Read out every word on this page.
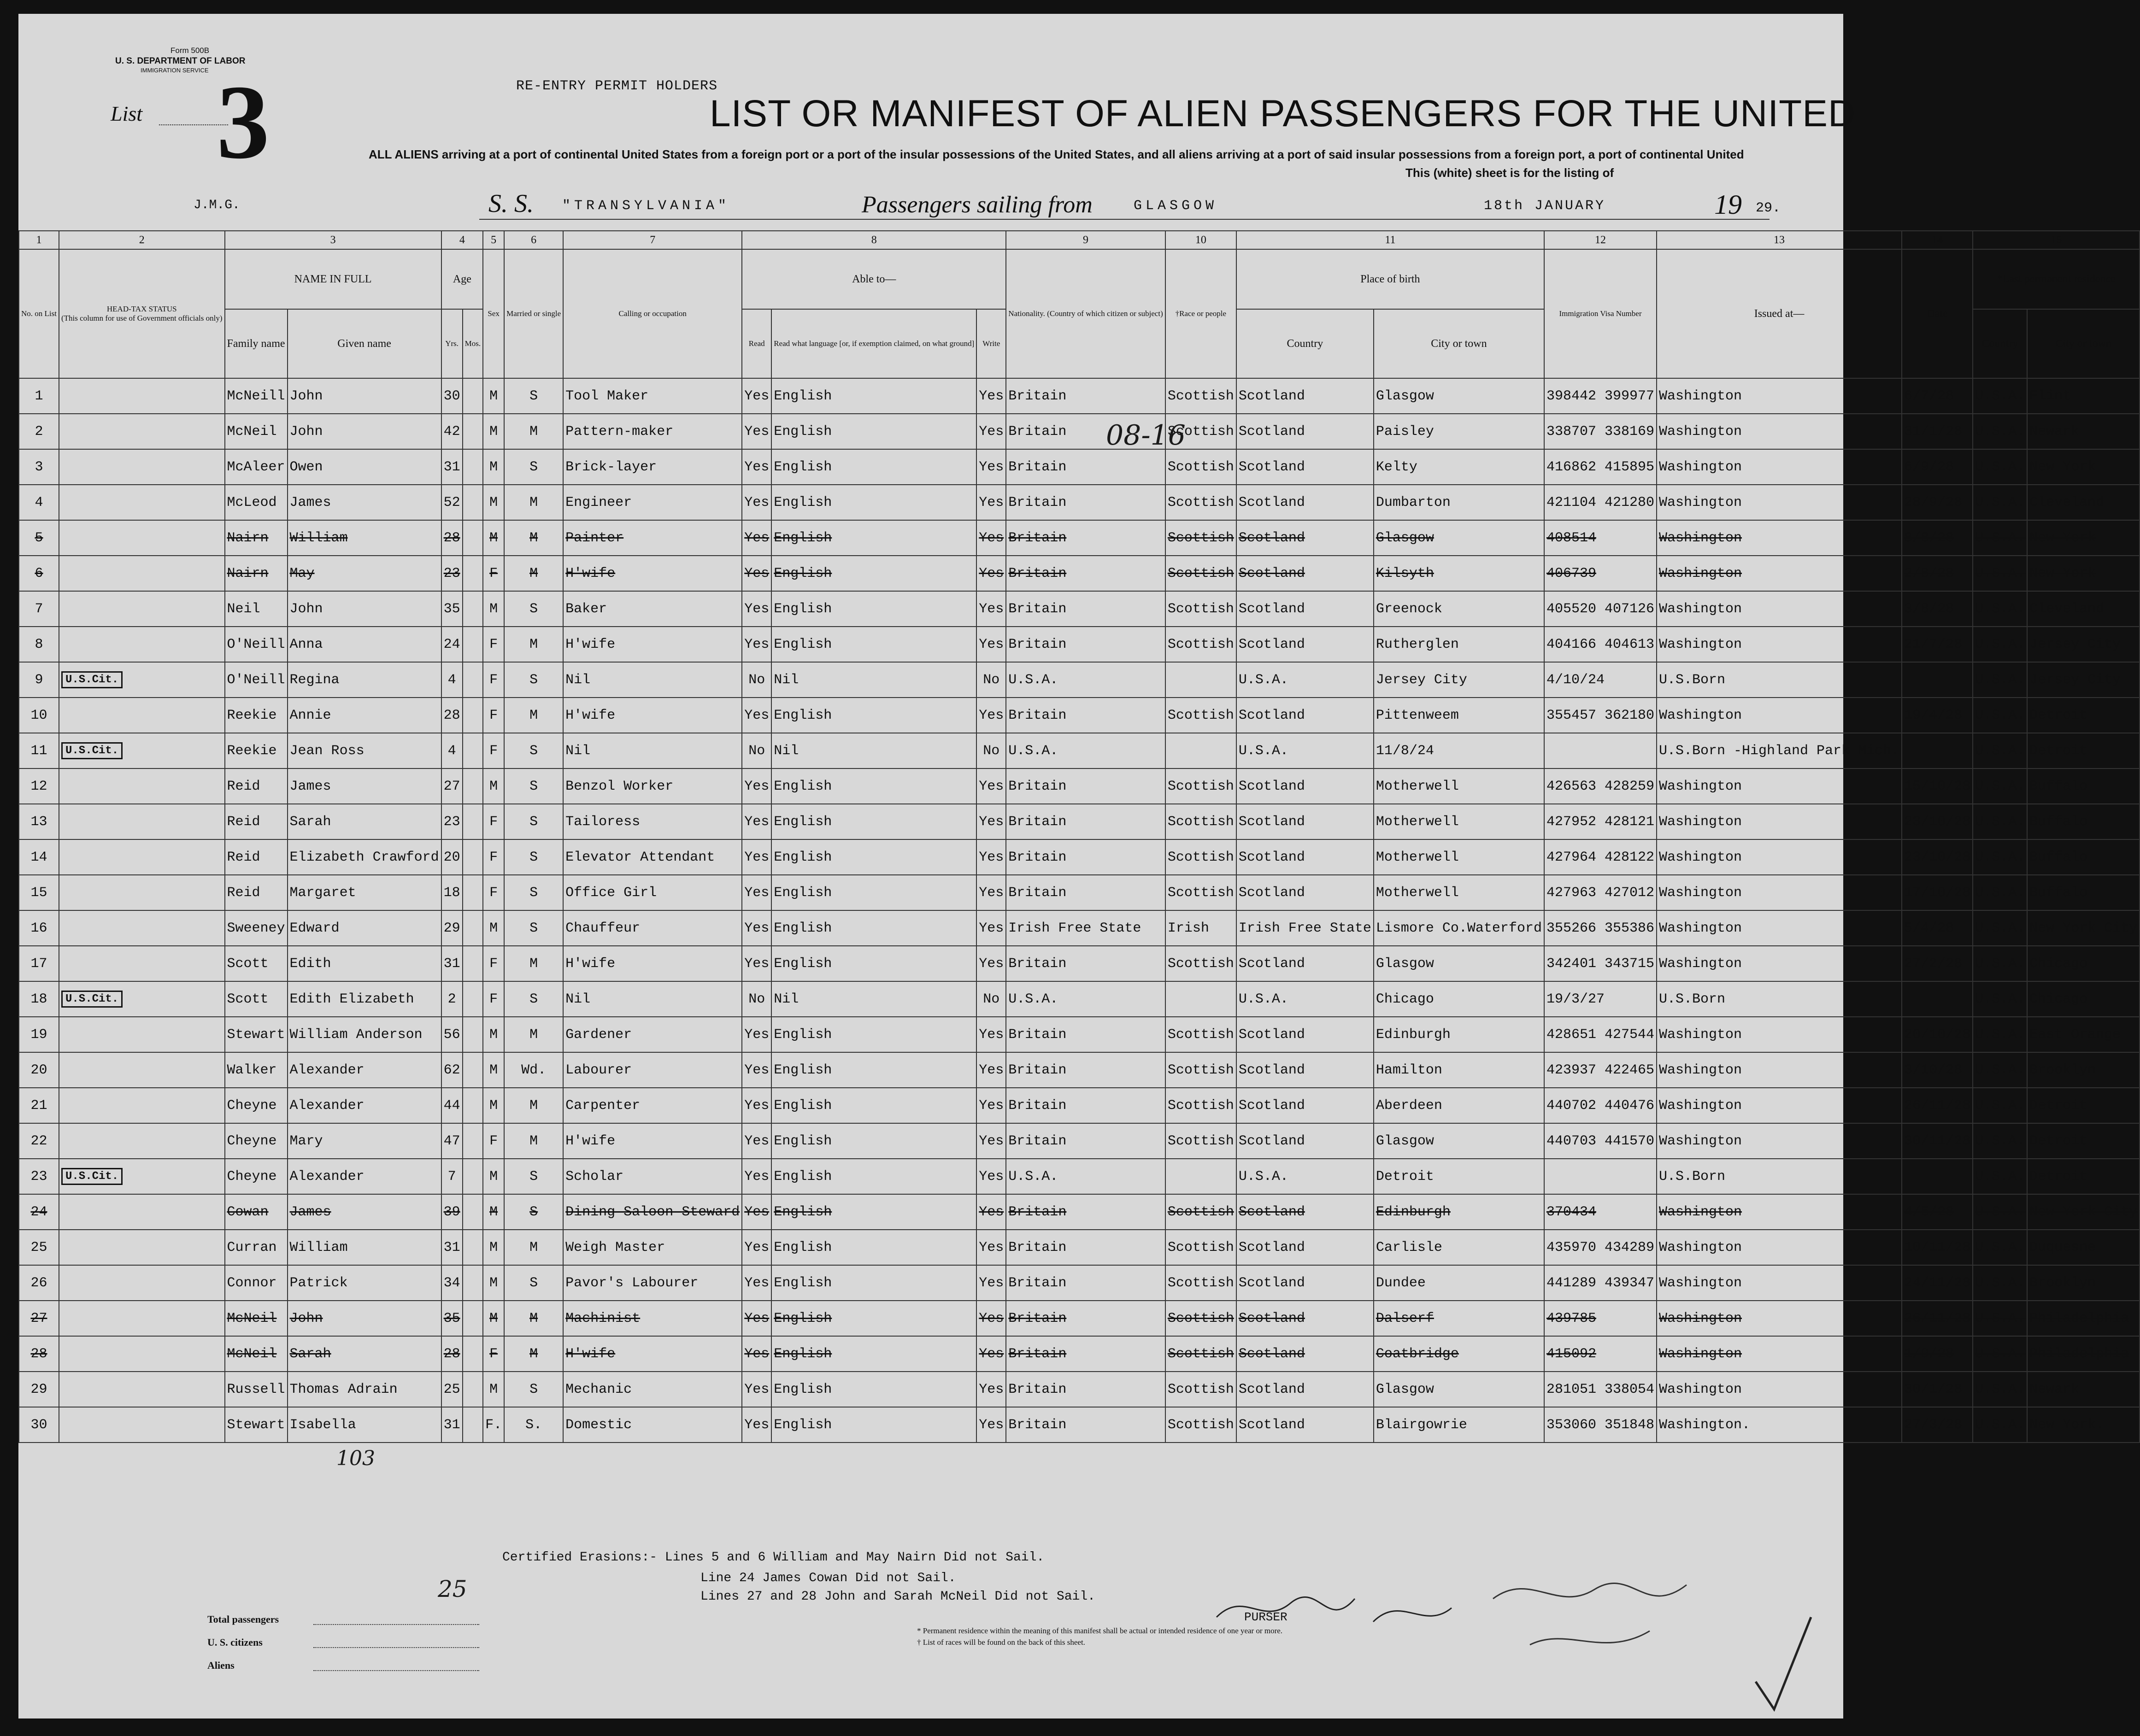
Form 500B
U. S. DEPARTMENT OF LABOR
IMMIGRATION SERVICE
List 3	RE-ENTRY PERMIT HOLDERS
LIST OR MANIFEST OF ALIEN PASSENGERS FOR THE UNITED
ALL ALIENS arriving at a port of continental United States from a foreign port or a port of the insular possessions of the United States, and all aliens arriving at a port of said insular possessions from a foreign port, a port of continental United
This (white) sheet is for the listing of
J.M.G.	S. S. "TRANSYLVANIA"	Passengers sailing from	GLASGOW	18th JANUARY	19 29.
1	2	3		4		5	6	7	8			9	10	11		12	13	14	15	
No. on List	HEAD-TAX STATUS
(This column for use of Government officials only)	NAME IN FULL		Age		Sex	Married or single	Calling or occupation	Able to—			Nationality. (Country of which citizen or subject)	†Race or people	Place of birth		Immigration Visa Number	Issued at—	Date	*Last permanent residence	
		Family name	Given name	Yrs.	Mos.				Read	Read what language [or, if exemption claimed, on what ground]	Write			Country	City or town				Country	City or town
1		McNeill	John	30		M	S	Tool Maker	Yes	English	Yes	Britain	Scottish	Scotland	Glasgow	398442 399977	Washington	6/7/28	U.S.A.	Flint
2		McNeil	John	42		M	M	Pattern-maker	Yes	English	Yes	Britain	Scottish	Scotland	Paisley	338707 338169	Washington	31/1/28	U.S.A.	Newark
3		McAleer	Owen	31		M	S	Brick-layer	Yes	English	Yes	Britain	Scottish	Scotland	Kelty	416862 415895	Washington	6/9/28	U.S.A.	New York
4		McLeod	James	52		M	M	Engineer	Yes	English	Yes	Britain	Scottish	Scotland	Dumbarton	421104 421280	Washington	28/9/28	U.S.A.	Cleveland
5		Nairn	William	28		M	M	Painter	Yes	English	Yes	Britain	Scottish	Scotland	Glasgow	408514	Washington	8/8/28	U.S.A.	New York
6		Nairn	May	23		F	M	H'wife	Yes	English	Yes	Britain	Scottish	Scotland	Kilsyth	406739	Washington	2/8/28	U.S.A.	New York
7		Neil	John	35		M	S	Baker	Yes	English	Yes	Britain	Scottish	Scotland	Greenock	405520 407126	Washington	3/8/28	U.S.A.	Cleveland
8		O'Neill	Anna	24		F	M	H'wife	Yes	English	Yes	Britain	Scottish	Scotland	Rutherglen	404166 404613	Washington	21/7/28	U.S.A.	Jersey City
9	U.S.Cit.	O'Neill	Regina	4		F	S	Nil	No	Nil	No	U.S.A.		U.S.A.	Jersey City	4/10/24	U.S.Born		U.S.A.	Jersey City
10		Reekie	Annie	28		F	M	H'wife	Yes	English	Yes	Britain	Scottish	Scotland	Pittenweem	355457 362180	Washington	19/4/28	U.S.A.	Detroit
11	U.S.Cit.	Reekie	Jean Ross	4		F	S	Nil	No	Nil	No	U.S.A.		U.S.A.	11/8/24		U.S.Born -Highland Park Mich.		U.S.A.	Detroit
12		Reid	James	27		M	S	Benzol Worker	Yes	English	Yes	Britain	Scottish	Scotland	Motherwell	426563 428259	Washington	15/10/28	U.S.A.	Buffalo
13		Reid	Sarah	23		F	S	Tailoress	Yes	English	Yes	Britain	Scottish	Scotland	Motherwell	427952 428121	Washington	23/10/28	U.S.A.	Buffalo
14		Reid	Elizabeth Crawford	20		F	S	Elevator Attendant	Yes	English	Yes	Britain	Scottish	Scotland	Motherwell	427964 428122	Washington	23/10/28	U.S.A.	Buffalo
15		Reid	Margaret	18		F	S	Office Girl	Yes	English	Yes	Britain	Scottish	Scotland	Motherwell	427963 427012	Washington	17/10/28	U.S.A.	Buffalo
16		Sweeney	Edward	29		M	S	Chauffeur	Yes	English	Yes	Irish Free State	Irish	Irish Free State	Lismore Co.Waterford	355266 355386	Washington	5/4/28	U.S.A.	New York City
17		Scott	Edith	31		F	M	H'wife	Yes	English	Yes	Britain	Scottish	Scotland	Glasgow	342401 343715	Washington	27/2/28	U.S.A.	Chicago
18	U.S.Cit.	Scott	Edith Elizabeth	2		F	S	Nil	No	Nil	No	U.S.A.		U.S.A.	Chicago	19/3/27	U.S.Born		U.S.A.	Chicago
19		Stewart	William Anderson	56		M	M	Gardener	Yes	English	Yes	Britain	Scottish	Scotland	Edinburgh	428651 427544	Washington	20/10/28	U.S.A.	East Orange
20		Walker	Alexander	62		M	Wd.	Labourer	Yes	English	Yes	Britain	Scottish	Scotland	Hamilton	423937 422465	Washington	3/10/28	U.S.A.	Brooklyn
21		Cheyne	Alexander	44		M	M	Carpenter	Yes	English	Yes	Britain	Scottish	Scotland	Aberdeen	440702 440476	Washington	26/11/28	U.S.A.	Detroit
22		Cheyne	Mary	47		F	M	H'wife	Yes	English	Yes	Britain	Scottish	Scotland	Glasgow	440703 441570	Washington	30/11/28	U.S.A.	Detroit
23	U.S.Cit.	Cheyne	Alexander	7		M	S	Scholar	Yes	English	Yes	U.S.A.		U.S.A.	Detroit		U.S.Born		U.S.A.	Detroit
24		Cowan	James	39		M	S	Dining Saloon Steward	Yes	English	Yes	Britain	Scottish	Scotland	Edinburgh	370434	Washington	4/5/28	U.S.A.	New York City
25		Curran	William	31		M	M	Weigh Master	Yes	English	Yes	Britain	Scottish	Scotland	Carlisle	435970 434289	Washington	10/11/28	U.S.A.	Duquesne
26		Connor	Patrick	34		M	S	Pavor's Labourer	Yes	English	Yes	Britain	Scottish	Scotland	Dundee	441289 439347	Washington	24/11/28	U.S.A.	Brooklyn
27		McNeil	John	35		M	M	Machinist	Yes	English	Yes	Britain	Scottish	Scotland	Dalserf	439785	Washington	26/11/28	U.S.A.	Philadelphia
28		McNeil	Sarah	28		F	M	H'wife	Yes	English	Yes	Britain	Scottish	Scotland	Coatbridge	415092	Washington	1/9/28	U.S.A.	Philadelphia
29		Russell	Thomas Adrain	25		M	S	Mechanic	Yes	English	Yes	Britain	Scottish	Scotland	Glasgow	281051 338054	Washington	30/1/28	U.S.A.	Newark
30		Stewart	Isabella	31		F.	S.	Domestic	Yes	English	Yes	Britain	Scottish	Scotland	Blairgowrie	353060 351848	Washington.	27/3/28	U.S.A.	New York.
Certified Erasions:- Lines 5 and 6 William and May Nairn Did not Sail.
Line 24 James Cowan Did not Sail.
Lines 27 and 28 John and Sarah McNeil Did not Sail.
PURSER
Total passengers
U. S. citizens
Aliens
* Permanent residence within the meaning of this manifest shall be actual or intended residence of one year or more.
† List of races will be found on the back of this sheet.
08-16
103
25
